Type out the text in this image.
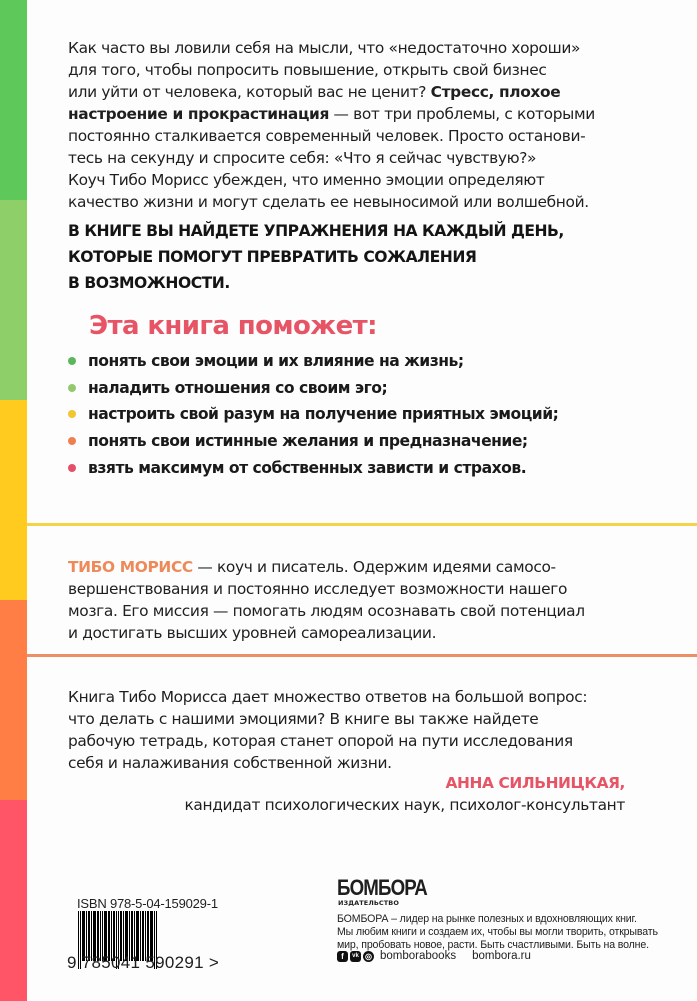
Как часто вы ловили себя на мысли, что «недостаточно хороши»
для того, чтобы попросить повышение, открыть свой бизнес
или уйти от человека, который вас не ценит? Стресс, плохое
настроение и прокрастинация — вот три проблемы, с которыми
постоянно сталкивается современный человек. Просто останови-
тесь на секунду и спросите себя: «Что я сейчас чувствую?»
Коуч Тибо Морисс убежден, что именно эмоции определяют
качество жизни и могут сделать ее невыносимой или волшебной.
В КНИГЕ ВЫ НАЙДЕТЕ УПРАЖНЕНИЯ НА КАЖДЫЙ ДЕНЬ,
КОТОРЫЕ ПОМОГУТ ПРЕВРАТИТЬ СОЖАЛЕНИЯ
В ВОЗМОЖНОСТИ.
Эта книга поможет:
понять свои эмоции и их влияние на жизнь;
наладить отношения со своим эго;
настроить свой разум на получение приятных эмоций;
понять свои истинные желания и предназначение;
взять максимум от собственных зависти и страхов.
ТИБО МОРИСС — коуч и писатель. Одержим идеями самосо-
вершенствования и постоянно исследует возможности нашего
мозга. Его миссия — помогать людям осознавать свой потенциал
и достигать высших уровней самореализации.
Книга Тибо Морисса дает множество ответов на большой вопрос:
что делать с нашими эмоциями? В книге вы также найдете
рабочую тетрадь, которая станет опорой на пути исследования
себя и налаживания собственной жизни.
АННА СИЛЬНИЦКАЯ,
кандидат психологических наук, психолог-консультант
ISBN 978-5-04-159029-1
9 785041 590291 >
БОМБОРА
ИЗДАТЕЛЬСТВО
БОМБОРА – лидер на рынке полезных и вдохновляющих книг.
Мы любим книги и создаем их, чтобы вы могли творить, открывать
мир, пробовать новое, расти. Быть счастливыми. Быть на волне.
f	vk ◎ bomborabooks bombora.ru
